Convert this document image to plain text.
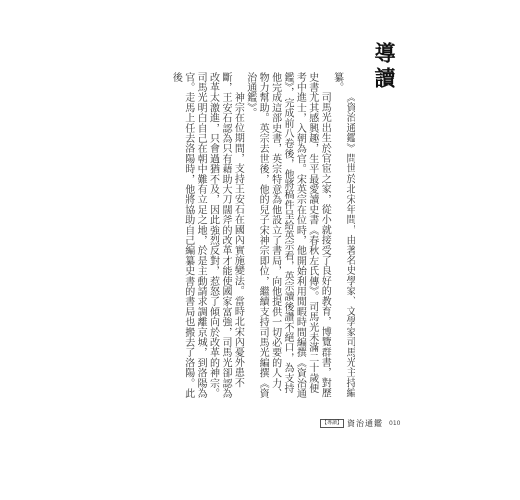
導讀

《資治通鑑》問世於北宋年間，由著名史學家、文學家司馬光主持編纂。

司馬光出生於官宦之家，從小就接受了良好的教育，博覽群書，對歷史書尤其感興趣，生平最愛讀史書《春秋左氏傳》。司馬光未滿二十歲便考中進士，入朝為官。宋英宗在位時，他開始利用閒暇時間編撰《資治通鑑》，完成前八卷後，他將稿件呈給英宗看，英宗讀後讚不絕口，為支持他完成這部史書，英宗特意為他設立了書局，向他提供一切必要的人力、物力幫助。英宗去世後，他的兒子宋神宗即位，繼續支持司馬光編撰《資治通鑑》。

神宗在位期間，支持王安石在國內實施變法。當時北宋內憂外患不斷，王安石認為只有藉助大刀闊斧的改革才能使國家富強，司馬光卻認為改革太激進，只會過猶不及，因此強烈反對，惹怒了傾向於改革的神宗。司馬光明白自己在朝中難有立足之地，於是主動請求調離京城，到洛陽為官。走馬上任去洛陽時，他將協助自己編纂史書的書局也搬去了洛陽。此後

【導讀】 資治通鑑 010
